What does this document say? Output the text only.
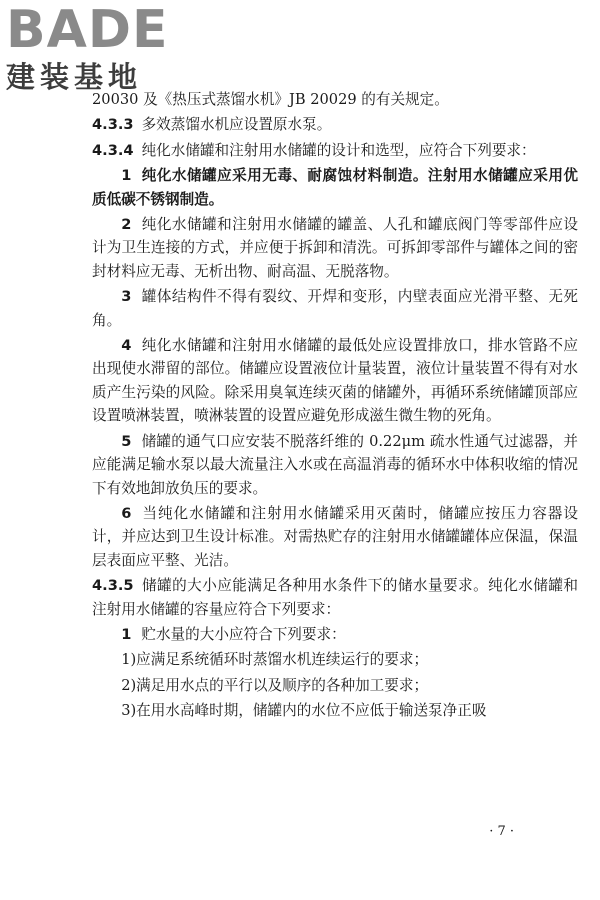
BADE
建装基地
20030 及《热压式蒸馏水机》JB 20029 的有关规定。
4.3.3 多效蒸馏水机应设置原水泵。
4.3.4 纯化水储罐和注射用水储罐的设计和选型，应符合下列要求：
1 纯化水储罐应采用无毒、耐腐蚀材料制造。注射用水储罐应采用优质低碳不锈钢制造。
2 纯化水储罐和注射用水储罐的罐盖、人孔和罐底阀门等零部件应设计为卫生连接的方式，并应便于拆卸和清洗。可拆卸零部件与罐体之间的密封材料应无毒、无析出物、耐高温、无脱落物。
3 罐体结构件不得有裂纹、开焊和变形，内壁表面应光滑平整、无死角。
4 纯化水储罐和注射用水储罐的最低处应设置排放口，排水管路不应出现使水滞留的部位。储罐应设置液位计量装置，液位计量装置不得有对水质产生污染的风险。除采用臭氧连续灭菌的储罐外，再循环系统储罐顶部应设置喷淋装置，喷淋装置的设置应避免形成滋生微生物的死角。
5 储罐的通气口应安装不脱落纤维的 0.22μm 疏水性通气过滤器，并应能满足输水泵以最大流量注入水或在高温消毒的循环水中体积收缩的情况下有效地卸放负压的要求。
6 当纯化水储罐和注射用水储罐采用灭菌时，储罐应按压力容器设计，并应达到卫生设计标准。对需热贮存的注射用水储罐罐体应保温，保温层表面应平整、光洁。
4.3.5 储罐的大小应能满足各种用水条件下的储水量要求。纯化水储罐和注射用水储罐的容量应符合下列要求：
1 贮水量的大小应符合下列要求：
1)应满足系统循环时蒸馏水机连续运行的要求；
2)满足用水点的平行以及顺序的各种加工要求；
3)在用水高峰时期，储罐内的水位不应低于输送泵净正吸
· 7 ·
